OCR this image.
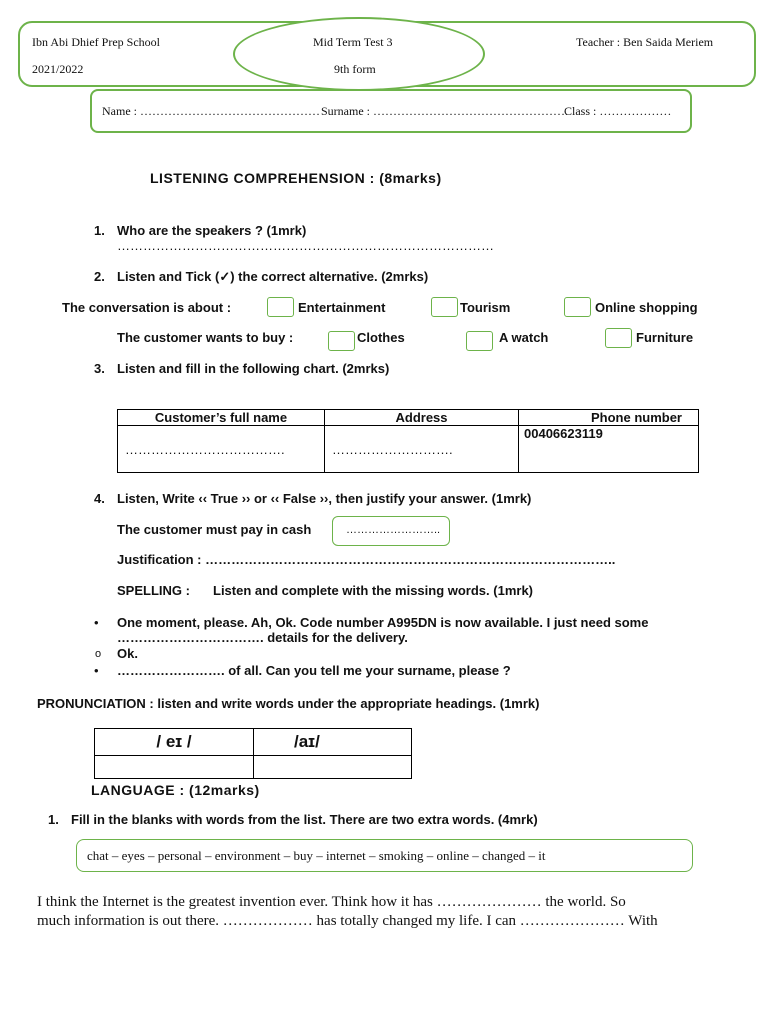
Ibn Abi Dhief Prep School
2021/2022
Mid Term Test 3
9th form
Teacher : Ben Saida Meriem
Name : ……………………………………… Surname : ………………………………………….
Class : ………………
LISTENING COMPREHENSION : (8marks)
1. Who are the speakers ? (1mrk)
……………………………………………………………………………
2. Listen and Tick (✓) the correct alternative. (2mrks)
The conversation is about :	Entertainment	Tourism	Online shopping
The customer wants to buy :	Clothes	A watch	Furniture
3. Listen and fill in the following chart. (2mrks)
Customer’s full name	Address	Phone number
……………………………….	……………………….	00406623119
4. Listen, Write ‹‹ True ›› or ‹‹ False ››, then justify your answer. (1mrk)
The customer must pay in cash	……………………..
Justification : …………………………………………………………………………………..
SPELLING : Listen and complete with the missing words. (1mrk)
• One moment, please. Ah, Ok. Code number A995DN is now available. I just need some
……………………………. details for the delivery.
o Ok.
• ……………………. of all. Can you tell me your surname, please ?
PRONUNCIATION : listen and write words under the appropriate headings. (1mrk)
/ eɪ /	/aɪ/

LANGUAGE : (12marks)
1. Fill in the blanks with words from the list. There are two extra words. (4mrk)
chat – eyes – personal – environment – buy – internet – smoking – online – changed – it
I think the Internet is the greatest invention ever. Think how it has ………………… the world. So
much information is out there. ……………… has totally changed my life. I can ………………… With
